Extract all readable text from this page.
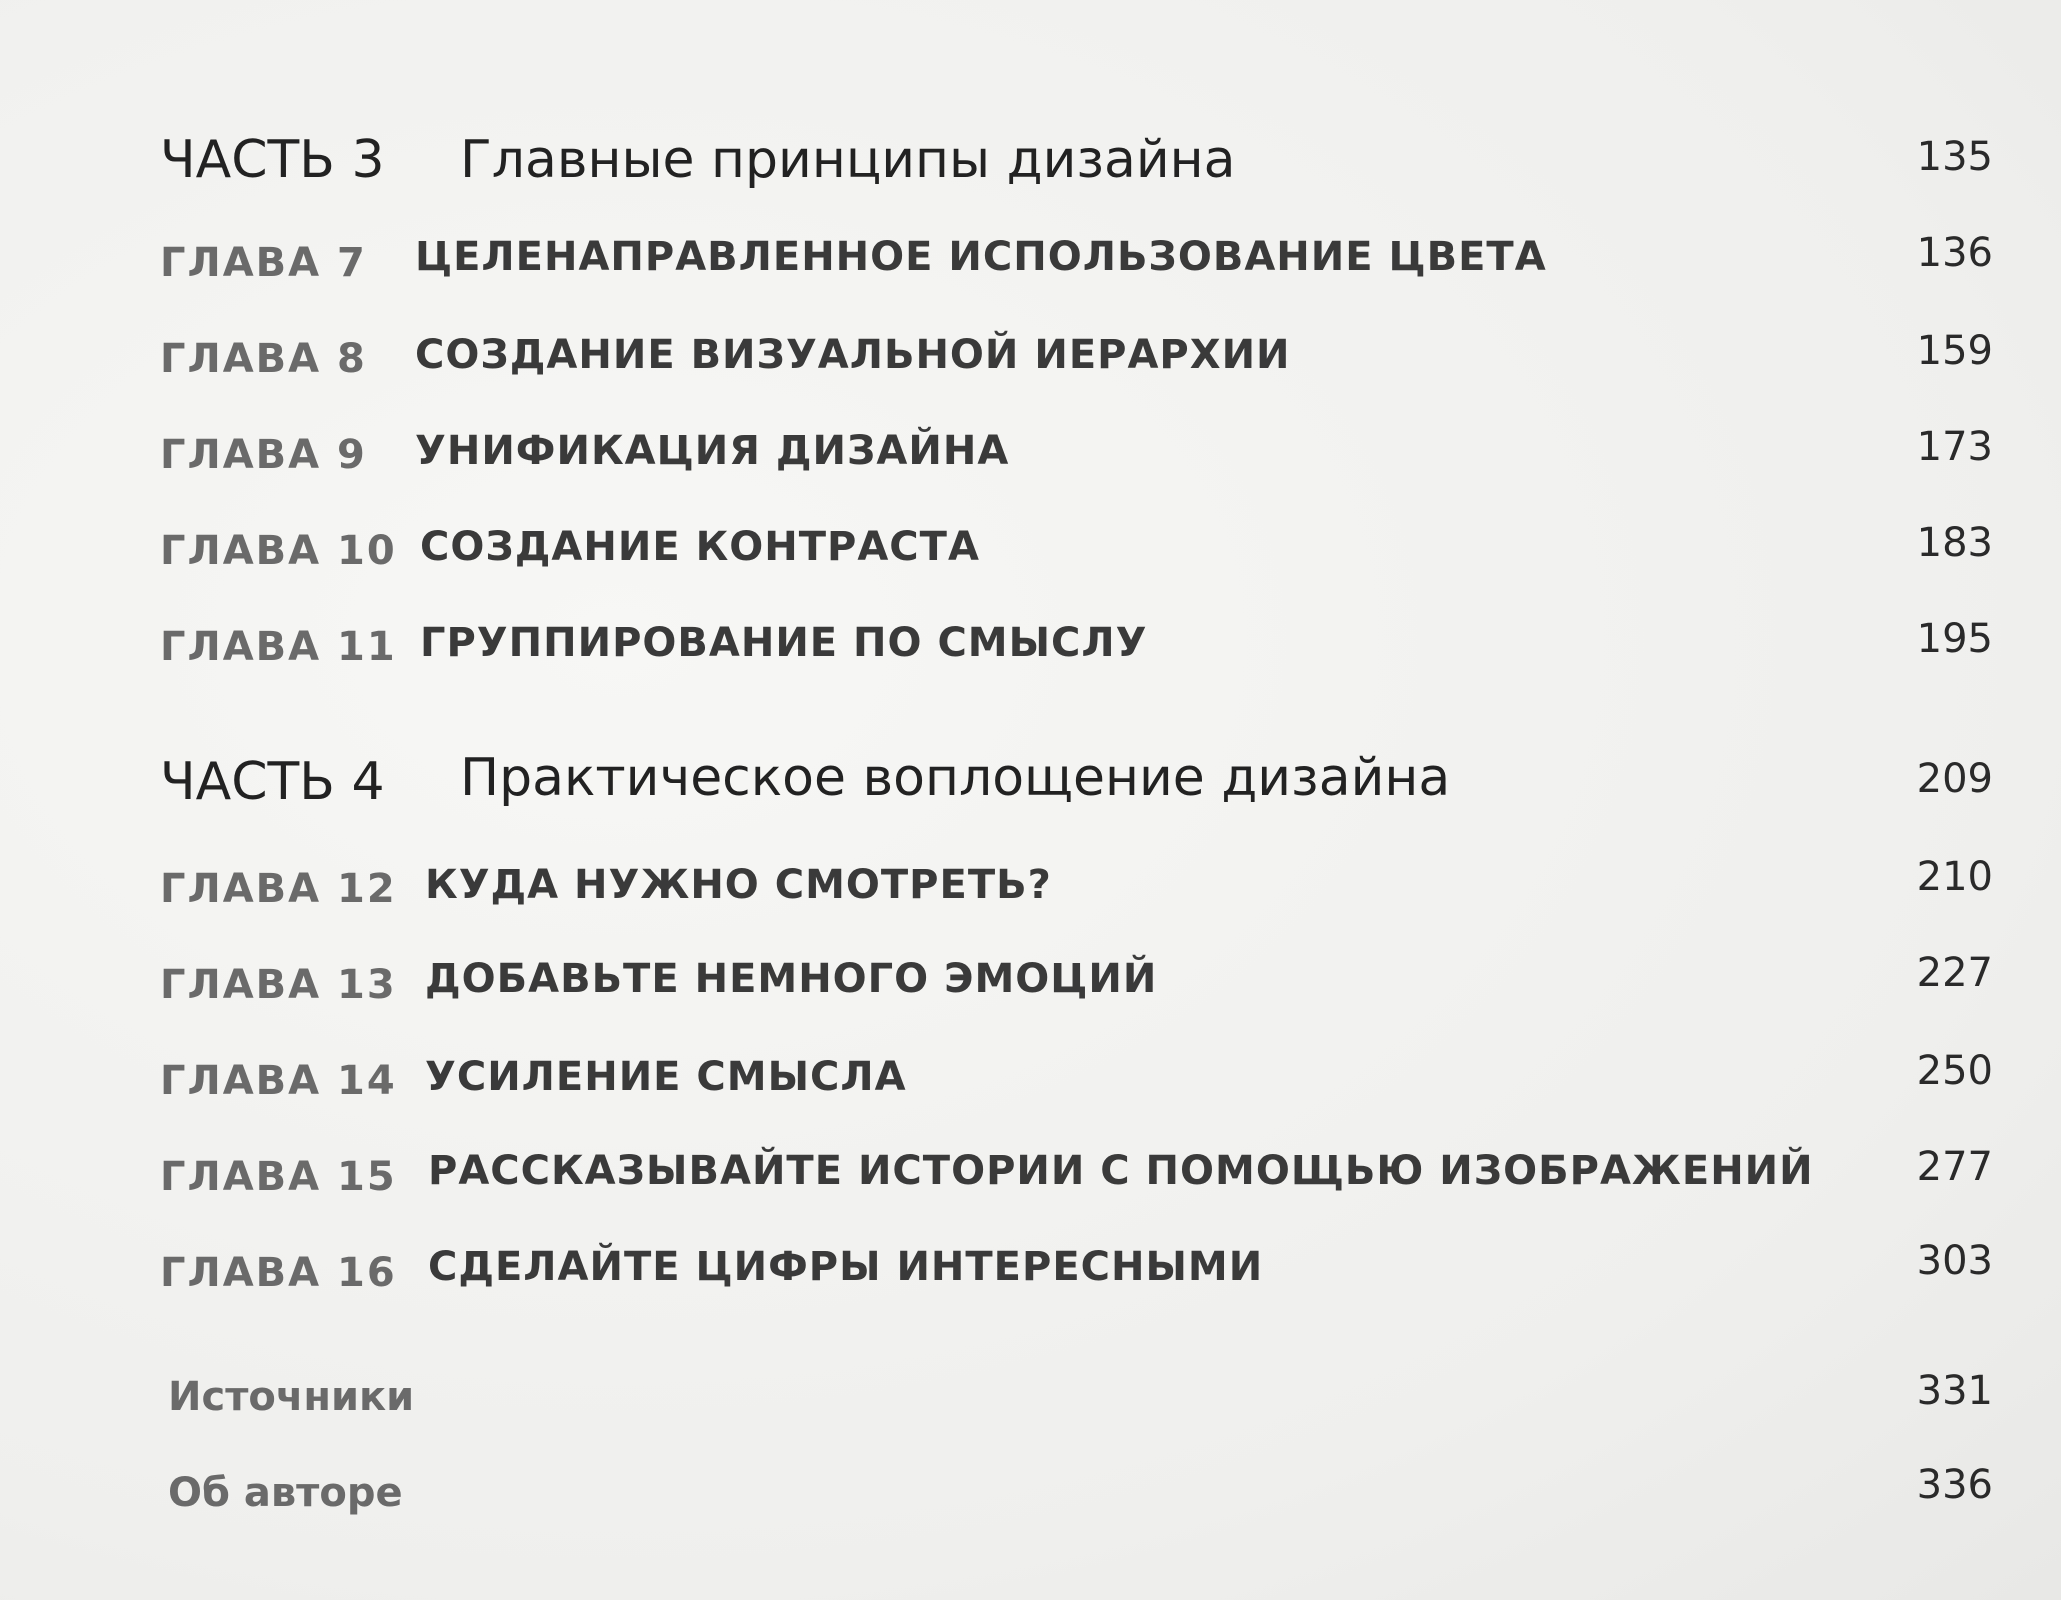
ЧАСТЬ 3 Главные принципы дизайна	135
ГЛАВА 7 ЦЕЛЕНАПРАВЛЕННОЕ ИСПОЛЬЗОВАНИЕ ЦВЕТА	136
ГЛАВА 8 СОЗДАНИЕ ВИЗУАЛЬНОЙ ИЕРАРХИИ	159
ГЛАВА 9 УНИФИКАЦИЯ ДИЗАЙНА	173
ГЛАВА 10 СОЗДАНИЕ КОНТРАСТА	183
ГЛАВА 11 ГРУППИРОВАНИЕ ПО СМЫСЛУ	195
ЧАСТЬ 4 Практическое воплощение дизайна	209
ГЛАВА 12 КУДА НУЖНО СМОТРЕТЬ?	210
ГЛАВА 13 ДОБАВЬТЕ НЕМНОГО ЭМОЦИЙ	227
ГЛАВА 14 УСИЛЕНИЕ СМЫСЛА	250
ГЛАВА 15 РАССКАЗЫВАЙТЕ ИСТОРИИ С ПОМОЩЬЮ ИЗОБРАЖЕНИЙ	277
ГЛАВА 16 СДЕЛАЙТЕ ЦИФРЫ ИНТЕРЕСНЫМИ	303
Источники	331
Об авторе	336
